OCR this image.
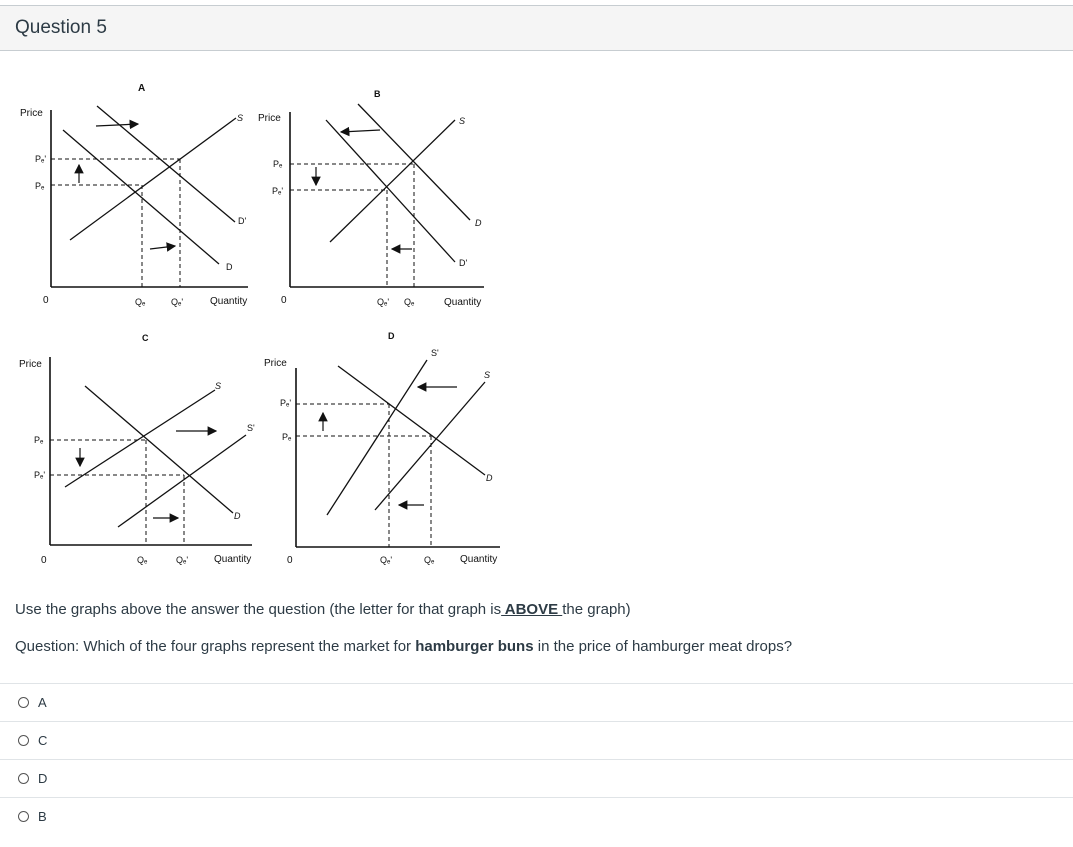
Question 5
A
Price
0	Quantity
Pₑ'
Pₑ
Qₑ	Qₑ'
S
D
D'
B
Price
0	Quantity
Pₑ
Pₑ'
Qₑ' Qₑ
S
D
D'
C
Price
0	Quantity
Pₑ
Pₑ'
Qₑ	Qₑ'
D
S
S'
D
Price
0	Quantity
Pₑ'
Pₑ
Qₑ'	Qₑ
D
S
S'
Use the graphs above the answer the question (the letter for that graph is ABOVE the graph)
Question: Which of the four graphs represent the market for hamburger buns in the price of hamburger meat drops?
A
C
D
B
